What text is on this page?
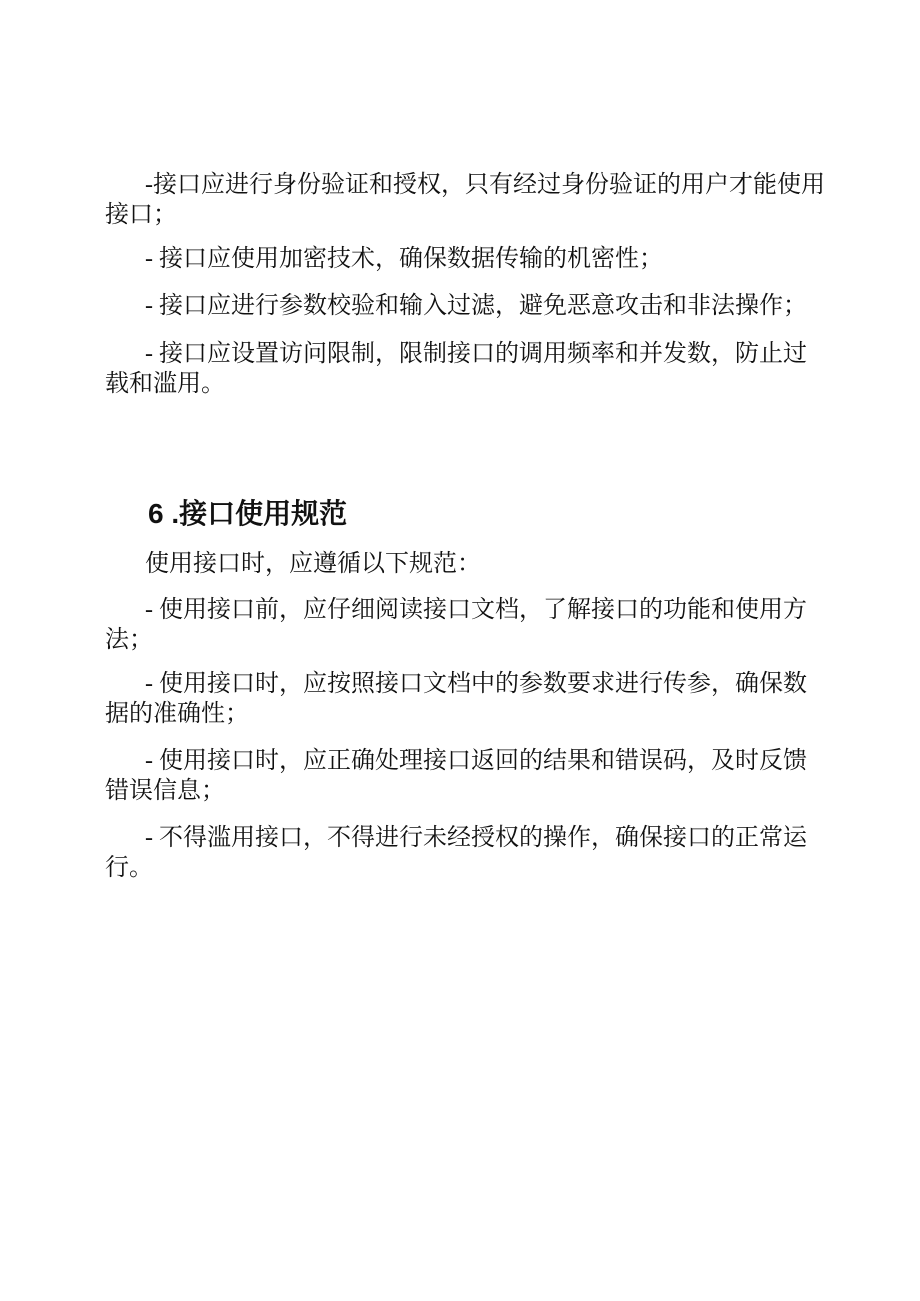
-接口应进行身份验证和授权，只有经过身份验证的用户才能使用
接口；
- 接口应使用加密技术，确保数据传输的机密性；
- 接口应进行参数校验和输入过滤，避免恶意攻击和非法操作；
- 接口应设置访问限制，限制接口的调用频率和并发数，防止过
载和滥用。
6 .接口使用规范
使用接口时，应遵循以下规范：
- 使用接口前，应仔细阅读接口文档，了解接口的功能和使用方
法；
- 使用接口时，应按照接口文档中的参数要求进行传参，确保数
据的准确性；
- 使用接口时，应正确处理接口返回的结果和错误码，及时反馈
错误信息；
- 不得滥用接口，不得进行未经授权的操作，确保接口的正常运
行。
